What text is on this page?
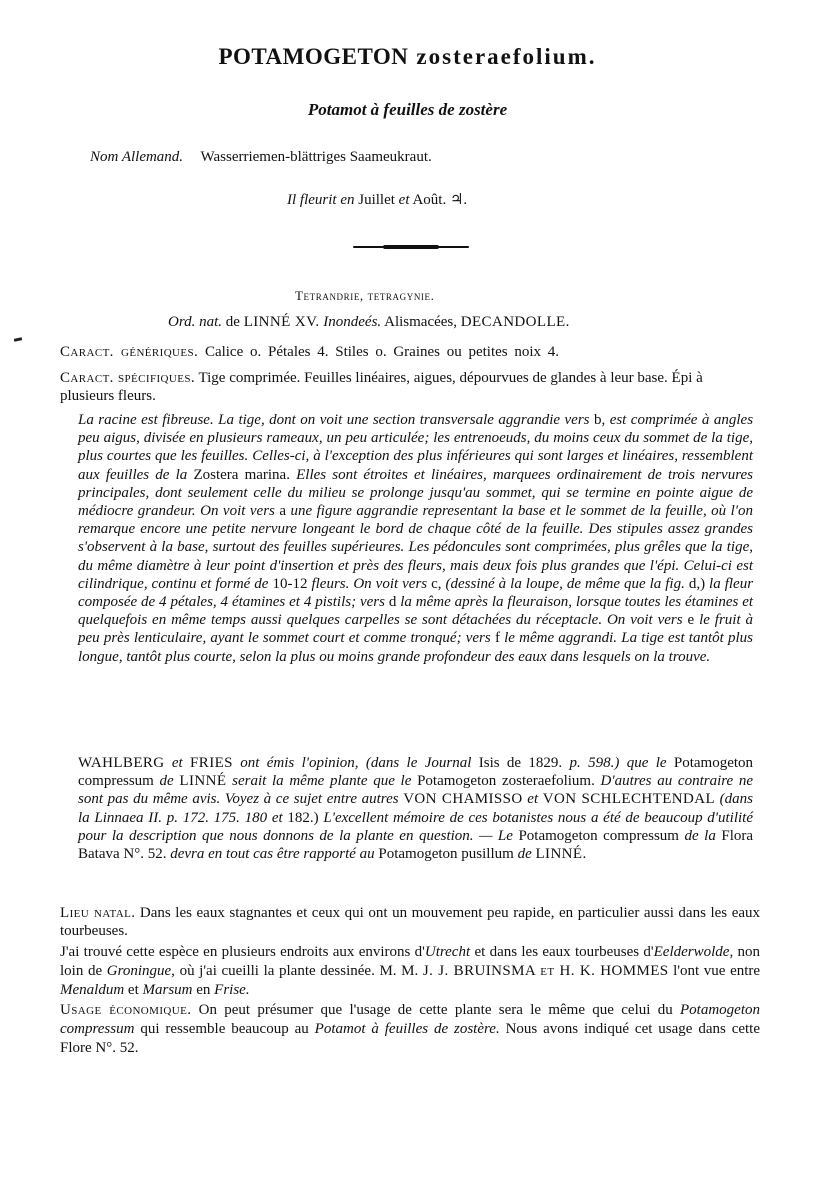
POTAMOGETON zosteraefolium.
Potamot à feuilles de zostère
Nom Allemand. Wasserriemen-blättriges Saameukraut.
Il fleurit en Juillet et Août. ♃.
Tetrandrie, tetragynie.
Ord. nat. de LINNÉ XV. Inondeés. Alismacées, DECANDOLLE.
Caract. génériques. Calice o. Pétales 4. Stiles o. Graines ou petites noix 4.
Caract. spécifiques. Tige comprimée. Feuilles linéaires, aigues, dépourvues de glandes à leur base. Épi à plusieurs fleurs.
La racine est fibreuse. La tige, dont on voit une section transversale aggrandie vers b, est comprimée à angles peu aigus, divisée en plusieurs rameaux, un peu articulée; les entrenoeuds, du moins ceux du sommet de la tige, plus courtes que les feuilles. Celles-ci, à l'exception des plus inférieures qui sont larges et linéaires, ressemblent aux feuilles de la Zostera marina. Elles sont étroites et linéaires, marquees ordinairement de trois nervures principales, dont seulement celle du milieu se prolonge jusqu'au sommet, qui se termine en pointe aigue de médiocre grandeur. On voit vers a une figure aggrandie representant la base et le sommet de la feuille, où l'on remarque encore une petite nervure longeant le bord de chaque côté de la feuille. Des stipules assez grandes s'observent à la base, surtout des feuilles supérieures. Les pédoncules sont comprimées, plus grêles que la tige, du même diamètre à leur point d'insertion et près des fleurs, mais deux fois plus grandes que l'épi. Celui-ci est cilindrique, continu et formé de 10-12 fleurs. On voit vers c, (dessiné à la loupe, de même que la fig. d,) la fleur composée de 4 pétales, 4 étamines et 4 pistils; vers d la même après la fleuraison, lorsque toutes les étamines et quelquefois en même temps aussi quelques carpelles se sont détachées du réceptacle. On voit vers e le fruit à peu près lenticulaire, ayant le sommet court et comme tronqué; vers f le même aggrandi. La tige est tantôt plus longue, tantôt plus courte, selon la plus ou moins grande profondeur des eaux dans lesquels on la trouve.
WAHLBERG et FRIES ont émis l'opinion, (dans le Journal Isis de 1829. p. 598.) que le Potamogeton compressum de LINNÉ serait la même plante que le Potamogeton zosteraefolium. D'autres au contraire ne sont pas du même avis. Voyez à ce sujet entre autres VON CHAMISSO et VON SCHLECHTENDAL (dans la Linnaea II. p. 172. 175. 180 et 182.) L'excellent mémoire de ces botanistes nous a été de beaucoup d'utilité pour la description que nous donnons de la plante en question. — Le Potamogeton compressum de la Flora Batava N°. 52. devra en tout cas être rapporté au Potamogeton pusillum de LINNÉ.
Lieu natal. Dans les eaux stagnantes et ceux qui ont un mouvement peu rapide, en particulier aussi dans les eaux tourbeuses.
J'ai trouvé cette espèce en plusieurs endroits aux environs d'Utrecht et dans les eaux tourbeuses d'Eelderwolde, non loin de Groningue, où j'ai cueilli la plante dessinée. M. M. J. J. BRUINSMA et H. K. HOMMES l'ont vue entre Menaldum et Marsum en Frise.
Usage économique. On peut présumer que l'usage de cette plante sera le même que celui du Potamogeton compressum qui ressemble beaucoup au Potamot à feuilles de zostère. Nous avons indiqué cet usage dans cette Flore N°. 52.
